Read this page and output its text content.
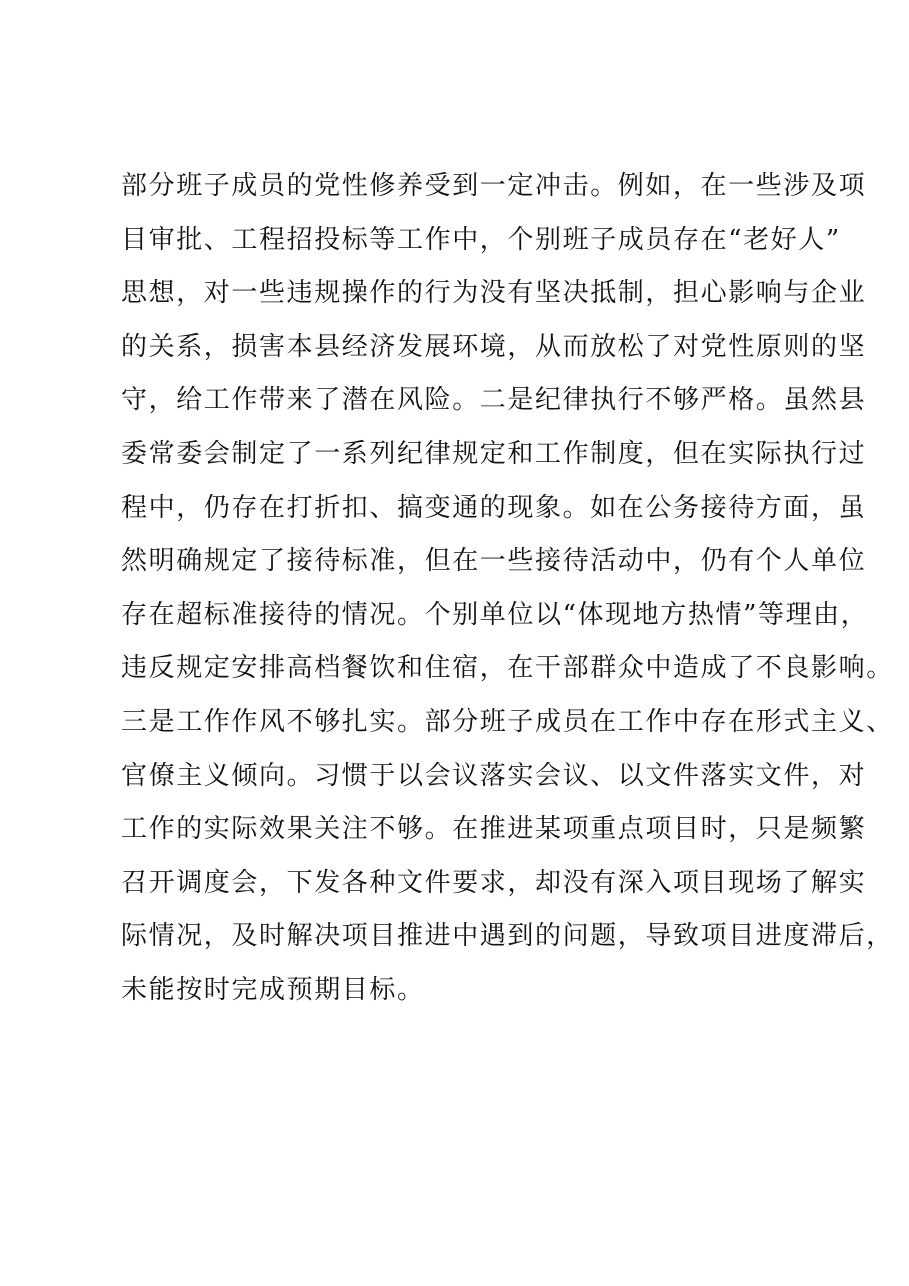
部分班子成员的党性修养受到一定冲击。例如，在一些涉及项
目审批、工程招投标等工作中，个别班子成员存在“老好人”
思想，对一些违规操作的行为没有坚决抵制，担心影响与企业
的关系，损害本县经济发展环境，从而放松了对党性原则的坚
守，给工作带来了潜在风险。二是纪律执行不够严格。虽然县
委常委会制定了一系列纪律规定和工作制度，但在实际执行过
程中，仍存在打折扣、搞变通的现象。如在公务接待方面，虽
然明确规定了接待标准，但在一些接待活动中，仍有个人单位
存在超标准接待的情况。个别单位以“体现地方热情”等理由，
违反规定安排高档餐饮和住宿，在干部群众中造成了不良影响。
三是工作作风不够扎实。部分班子成员在工作中存在形式主义、
官僚主义倾向。习惯于以会议落实会议、以文件落实文件，对
工作的实际效果关注不够。在推进某项重点项目时，只是频繁
召开调度会，下发各种文件要求，却没有深入项目现场了解实
际情况，及时解决项目推进中遇到的问题，导致项目进度滞后，
未能按时完成预期目标。
